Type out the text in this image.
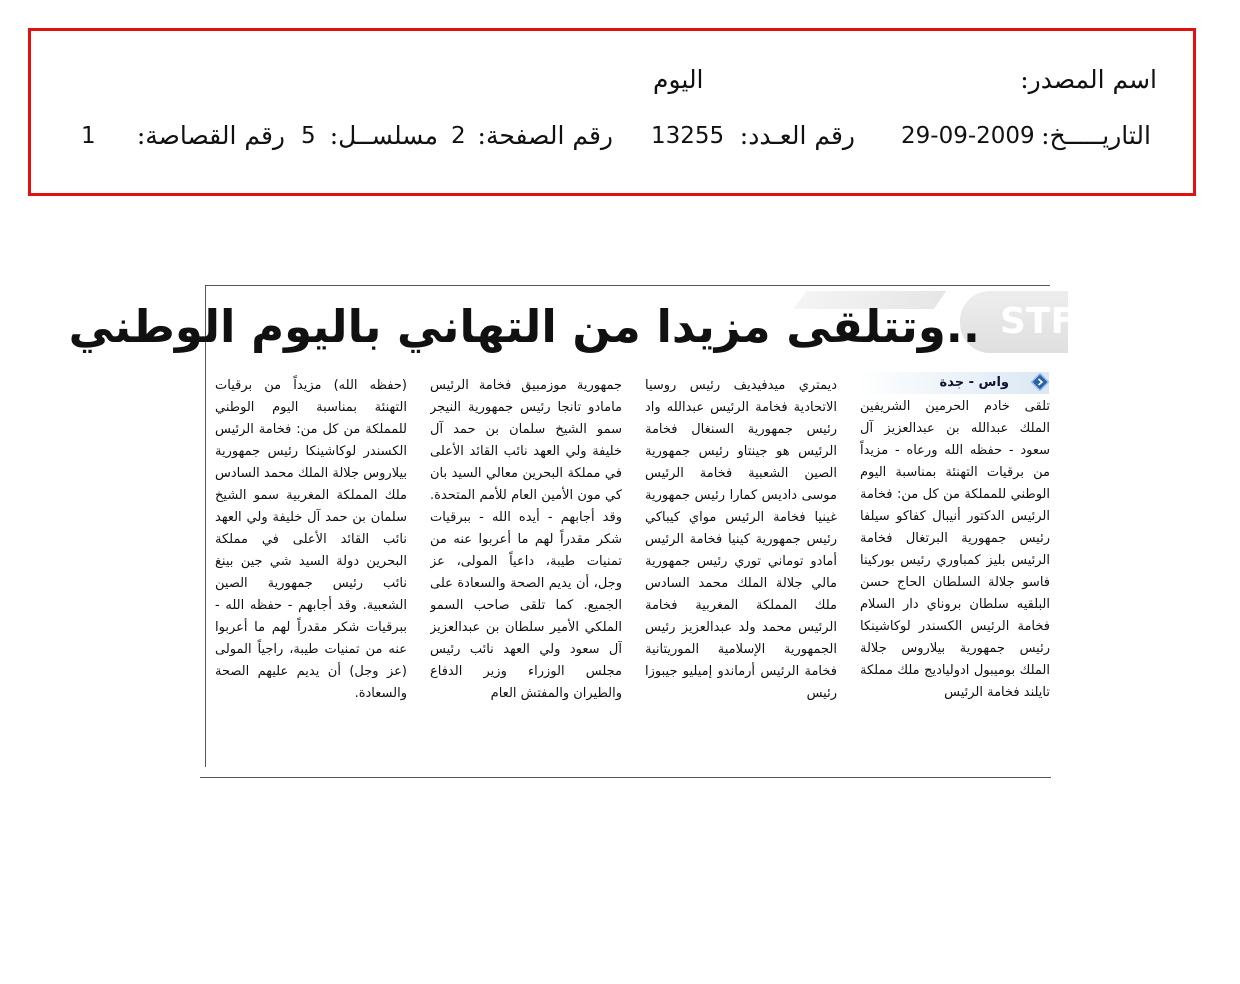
اسم المصدر:
اليوم
التاريـــــخ:
29-09-2009
رقم العـدد:
13255
رقم الصفحة:
2
مسلســل:
5
رقم القصاصة:
1
STF
..وتتلقى مزيدا من التهاني باليوم الوطني
واس - جدة

تلقى خادم الحرمين الشريفين الملك عبدالله بن عبدالعزيز آل سعود - حفظه الله ورعاه - مزيداً من برقيات التهنئة بمناسبة اليوم الوطني للمملكة من كل من: فخامة الرئيس الدكتور أنيبال كفاكو سيلفا رئيس جمهورية البرتغال فخامة الرئيس بليز كمباوري رئيس بوركينا فاسو جلالة السلطان الحاج حسن البلقيه سلطان بروناي دار السلام فخامة الرئيس الكسندر لوكاشينكا رئيس جمهورية بيلاروس جلالة الملك بوميبول ادولياديج ملك مملكة تايلند فخامة الرئيس

ديمتري ميدفيديف رئيس روسيا الاتحادية فخامة الرئيس عبدالله واد رئيس جمهورية السنغال فخامة الرئيس هو جينتاو رئيس جمهورية الصين الشعبية فخامة الرئيس موسى داديس كمارا رئيس جمهورية غينيا فخامة الرئيس مواي كيباكي رئيس جمهورية كينيا فخامة الرئيس أمادو توماني توري رئيس جمهورية مالي جلالة الملك محمد السادس ملك المملكة المغربية فخامة الرئيس محمد ولد عبدالعزيز رئيس الجمهورية الإسلامية الموريتانية فخامة الرئيس أرماندو إميليو جيبوزا رئيس

جمهورية موزمبيق فخامة الرئيس مامادو تانجا رئيس جمهورية النيجر سمو الشيخ سلمان بن حمد آل خليفة ولي العهد نائب القائد الأعلى في مملكة البحرين معالي السيد بان كي مون الأمين العام للأمم المتحدة. وقد أجابهم - أيده الله - ببرقيات شكر مقدراً لهم ما أعربوا عنه من تمنيات طيبة، داعياً المولى، عز وجل، أن يديم الصحة والسعادة على الجميع. كما تلقى صاحب السمو الملكي الأمير سلطان بن عبدالعزيز آل سعود ولي العهد نائب رئيس مجلس الوزراء وزير الدفاع والطيران والمفتش العام

(حفظه الله) مزيداً من برقيات التهنئة بمناسبة اليوم الوطني للمملكة من كل من: فخامة الرئيس الكسندر لوكاشينكا رئيس جمهورية بيلاروس جلالة الملك محمد السادس ملك المملكة المغربية سمو الشيخ سلمان بن حمد آل خليفة ولي العهد نائب القائد الأعلى في مملكة البحرين دولة السيد شي جين بينغ نائب رئيس جمهورية الصين الشعبية. وقد أجابهم - حفظه الله - ببرقيات شكر مقدراً لهم ما أعربوا عنه من تمنيات طيبة، راجياً المولى (عز وجل) أن يديم عليهم الصحة والسعادة.
